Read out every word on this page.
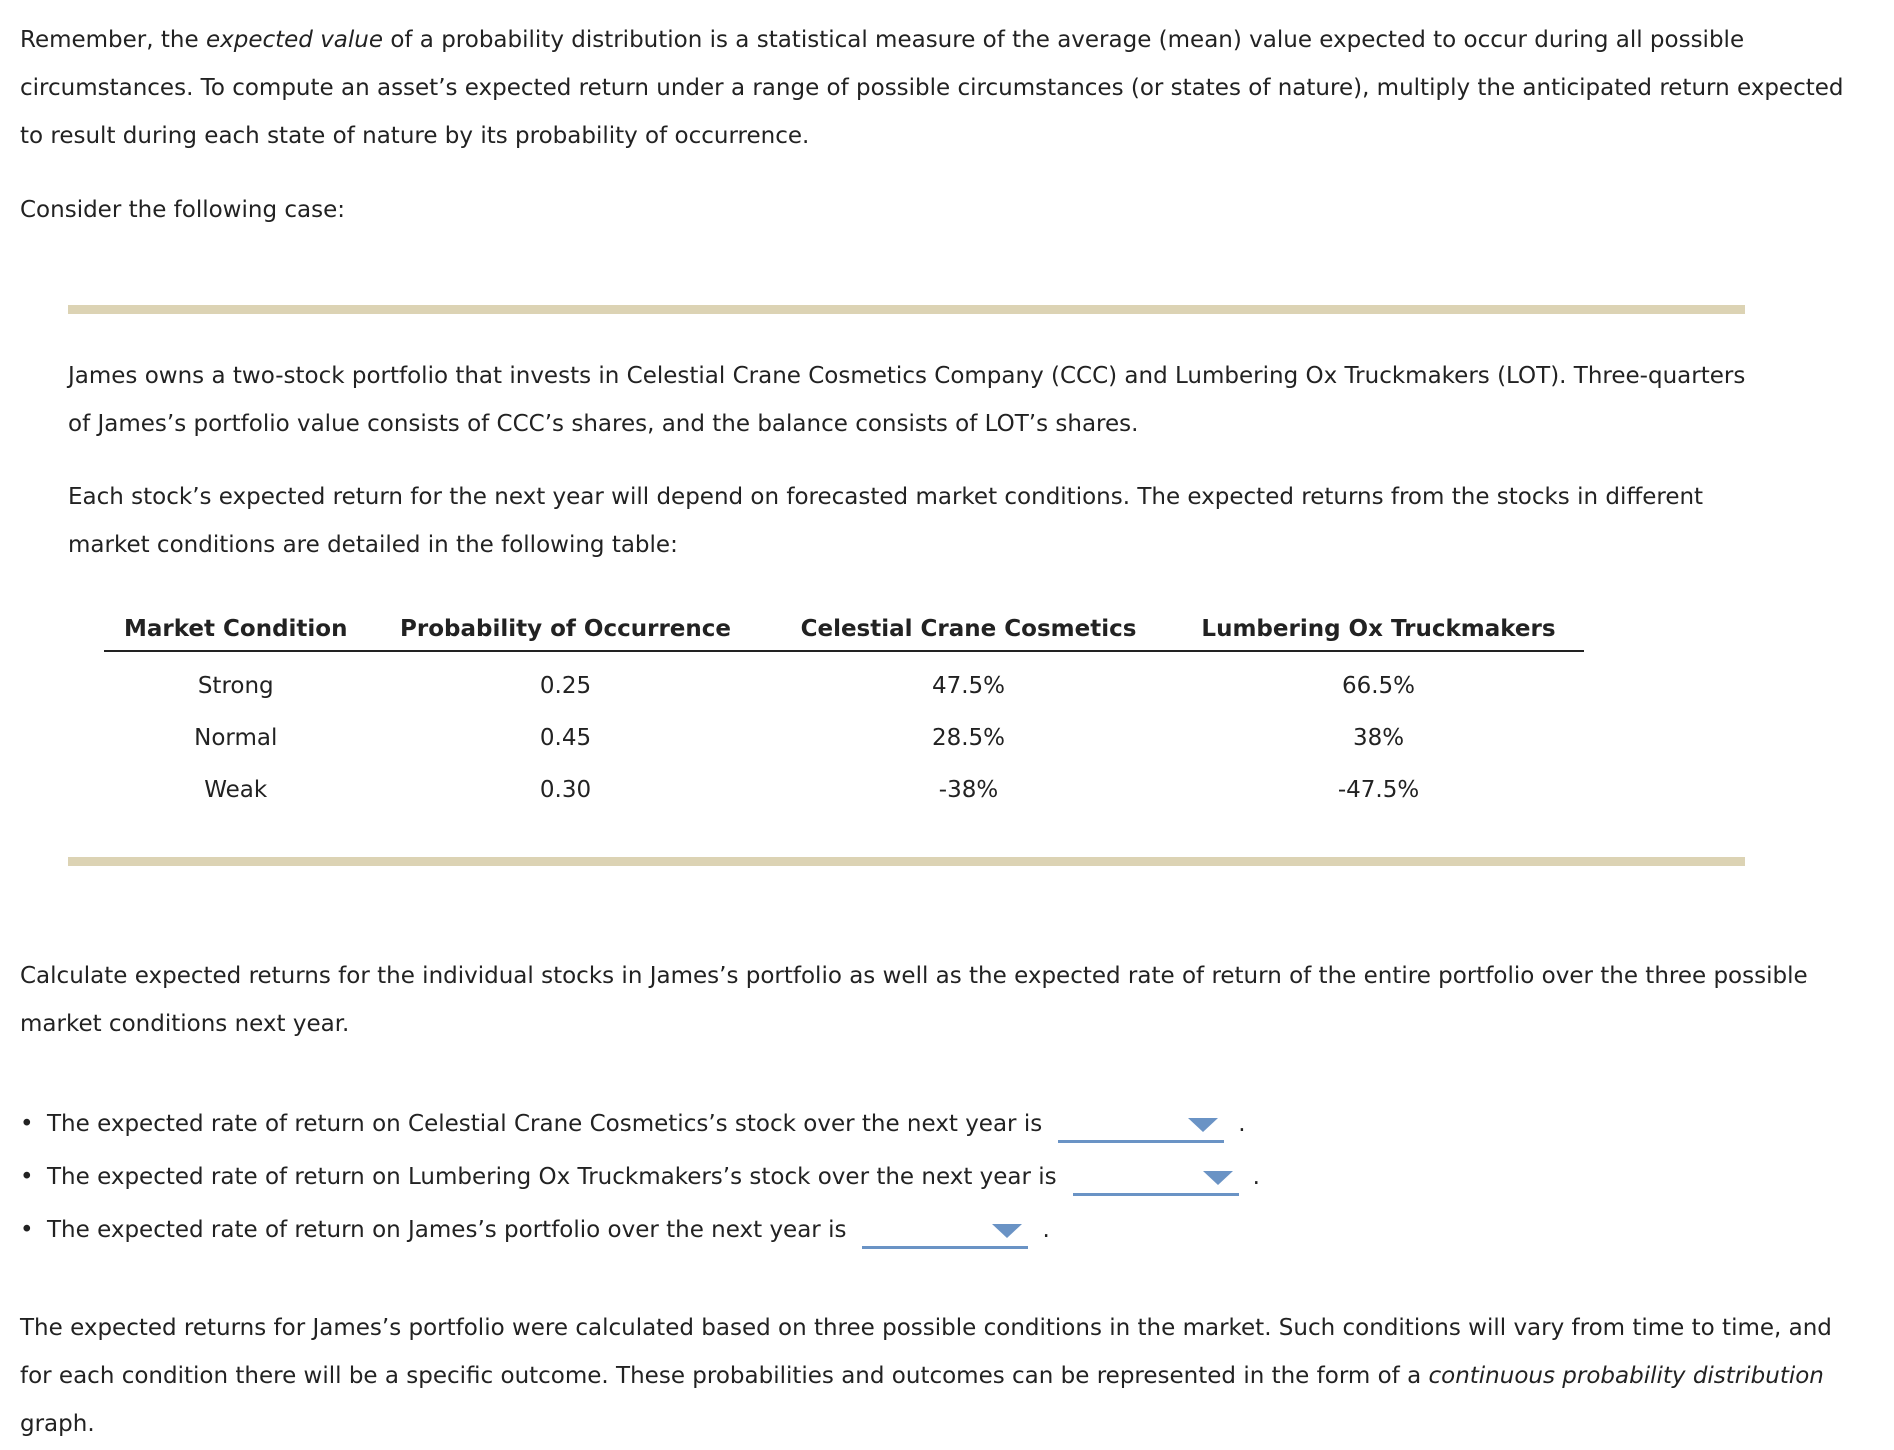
Remember, the expected value of a probability distribution is a statistical measure of the average (mean) value expected to occur during all possible circumstances. To compute an asset’s expected return under a range of possible circumstances (or states of nature), multiply the anticipated return expected to result during each state of nature by its probability of occurrence.

Consider the following case:

James owns a two-stock portfolio that invests in Celestial Crane Cosmetics Company (CCC) and Lumbering Ox Truckmakers (LOT). Three-quarters of James’s portfolio value consists of CCC’s shares, and the balance consists of LOT’s shares.

Each stock’s expected return for the next year will depend on forecasted market conditions. The expected returns from the stocks in different market conditions are detailed in the following table:

Market Condition	Probability of Occurrence	Celestial Crane Cosmetics	Lumbering Ox Truckmakers
Strong	0.25	47.5%	66.5%
Normal	0.45	28.5%	38%
Weak	0.30	-38%	-47.5%

Calculate expected returns for the individual stocks in James’s portfolio as well as the expected rate of return of the entire portfolio over the three possible market conditions next year.

• The expected rate of return on Celestial Crane Cosmetics’s stock over the next year is	.
• The expected rate of return on Lumbering Ox Truckmakers’s stock over the next year is	.
• The expected rate of return on James’s portfolio over the next year is	.

The expected returns for James’s portfolio were calculated based on three possible conditions in the market. Such conditions will vary from time to time, and for each condition there will be a specific outcome. These probabilities and outcomes can be represented in the form of a continuous probability distribution graph.
